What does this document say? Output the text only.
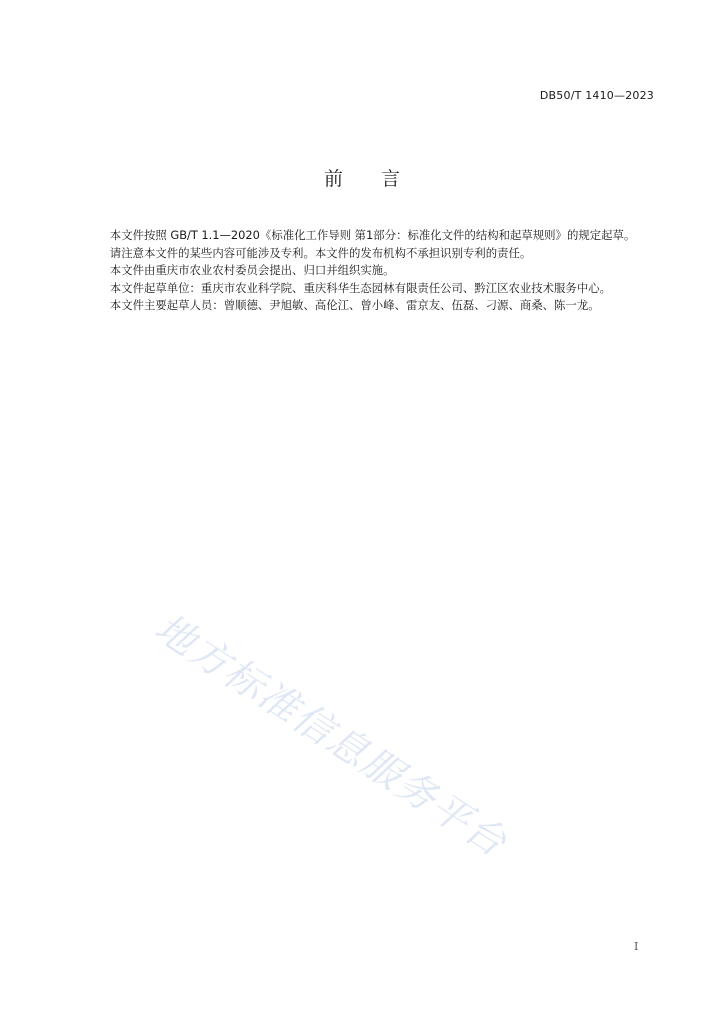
DB50/T 1410—2023
前言

本文件按照 GB/T 1.1—2020《标准化工作导则 第1部分：标准化文件的结构和起草规则》的规定起草。

请注意本文件的某些内容可能涉及专利。本文件的发布机构不承担识别专利的责任。

本文件由重庆市农业农村委员会提出、归口并组织实施。

本文件起草单位：重庆市农业科学院、重庆科华生态园林有限责任公司、黔江区农业技术服务中心。

本文件主要起草人员：曾顺德、尹旭敏、高伦江、曾小峰、雷京友、伍磊、刁源、商桑、陈一龙。

地方标准信息服务平台
I
